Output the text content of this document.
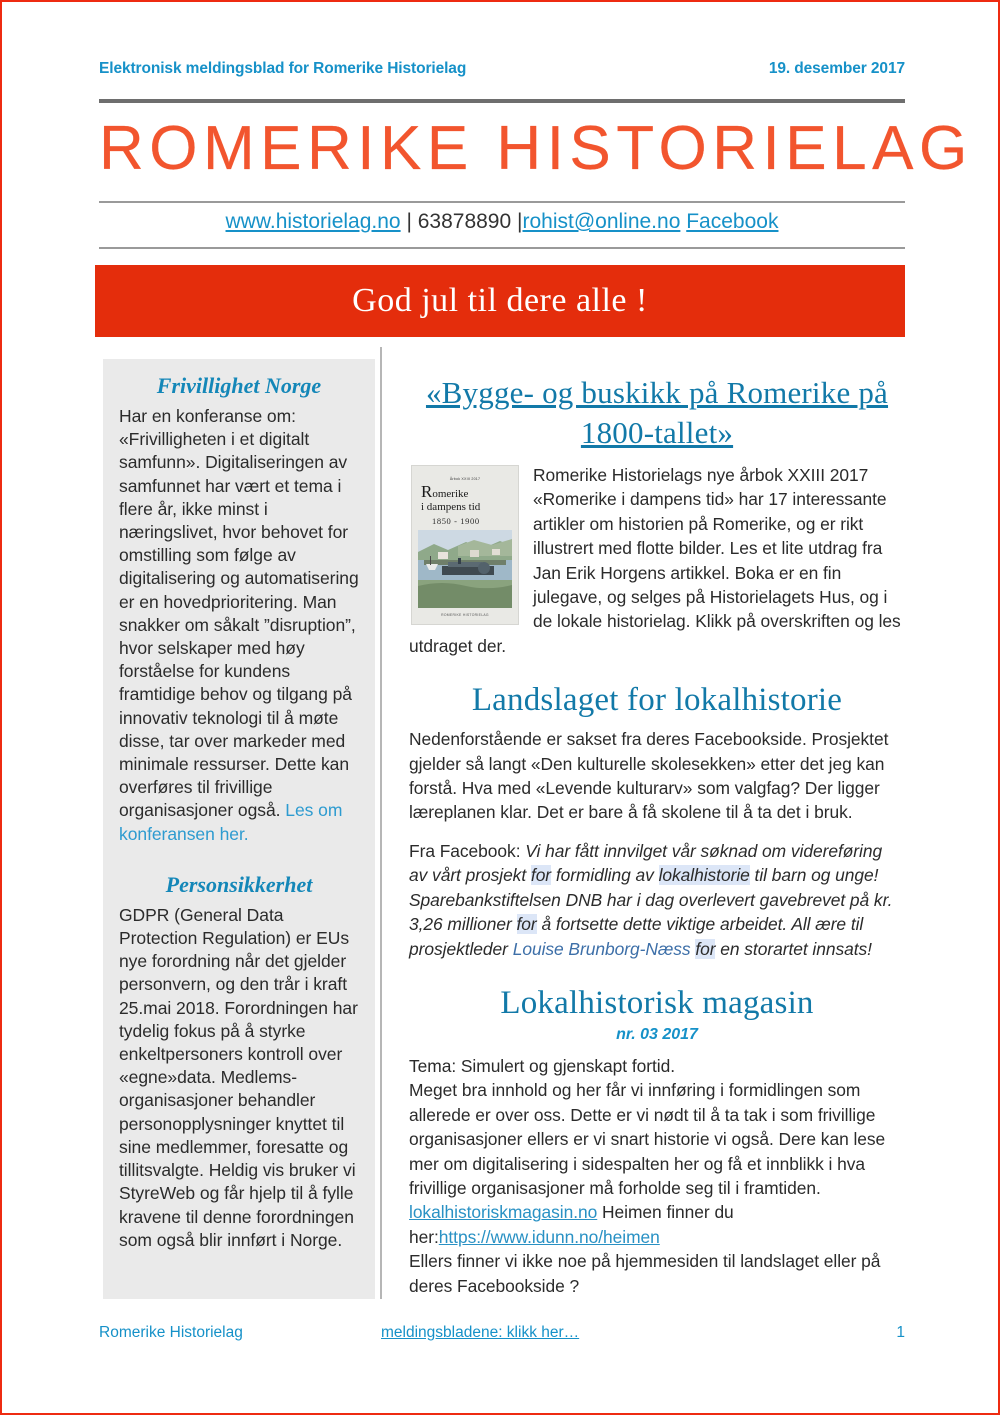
Elektronisk meldingsblad for Romerike Historielag	19. desember 2017
ROMERIKE HISTORIELAG
www.historielag.no | 63878890 |rohist@online.no Facebook
God jul til dere alle !
Frivillighet Norge

Har en konferanse om: «Frivilligheten i et digitalt samfunn». Digitaliseringen av samfunnet har vært et tema i flere år, ikke minst i næringslivet, hvor behovet for omstilling som følge av digitalisering og automatisering er en hovedprioritering. Man snakker om såkalt ”disruption”, hvor selskaper med høy forståelse for kundens framtidige behov og tilgang på innovativ teknologi til å møte disse, tar over markeder med minimale ressurser. Dette kan overføres til frivillige organisasjoner også. Les om konferansen her.

Personsikkerhet

GDPR (General Data Protection Regulation) er EUs nye forordning når det gjelder personvern, og den trår i kraft 25.mai 2018. Forordningen har tydelig fokus på å styrke enkeltpersoners kontroll over «egne»data. Medlems-organisasjoner behandler personopplysninger knyttet til sine medlemmer, foresatte og tillitsvalgte. Heldig vis bruker vi StyreWeb og får hjelp til å fylle kravene til denne forordningen som også blir innført i Norge.

«Bygge- og buskikk på Romerike på 1800-tallet»
Årbok XXIII 2017
Romerike
i dampens tid
1850 - 1900
ROMERIKE HISTORIELAG

Romerike Historielags nye årbok XXIII 2017 «Romerike i dampens tid» har 17 interessante artikler om historien på Romerike, og er rikt illustrert med flotte bilder. Les et lite utdrag fra Jan Erik Horgens artikkel. Boka er en fin julegave, og selges på Historielagets Hus, og i de lokale historielag. Klikk på overskriften og les utdraget der.

Landslaget for lokalhistorie

Nedenforstående er sakset fra deres Facebookside. Prosjektet gjelder så langt «Den kulturelle skolesekken» etter det jeg kan forstå. Hva med «Levende kulturarv» som valgfag? Der ligger læreplanen klar. Det er bare å få skolene til å ta det i bruk.

Fra Facebook: Vi har fått innvilget vår søknad om videreføring av vårt prosjekt for formidling av lokalhistorie til barn og unge! Sparebankstiftelsen DNB har i dag overlevert gavebrevet på kr. 3,26 millioner for å fortsette dette viktige arbeidet. All ære til prosjektleder Louise Brunborg-Næss for en storartet innsats!

Lokalhistorisk magasin
nr. 03 2017

Tema: Simulert og gjenskapt fortid.

Meget bra innhold og her får vi innføring i formidlingen som allerede er over oss. Dette er vi nødt til å ta tak i som frivillige organisasjoner ellers er vi snart historie vi også. Dere kan lese mer om digitalisering i sidespalten her og få et innblikk i hva frivillige organisasjoner må forholde seg til i framtiden. lokalhistoriskmagasin.no Heimen finner du her:https://www.idunn.no/heimen
Ellers finner vi ikke noe på hjemmesiden til landslaget eller på deres Facebookside ?

Romerike Historielag	meldingsbladene: klikk her…	1
